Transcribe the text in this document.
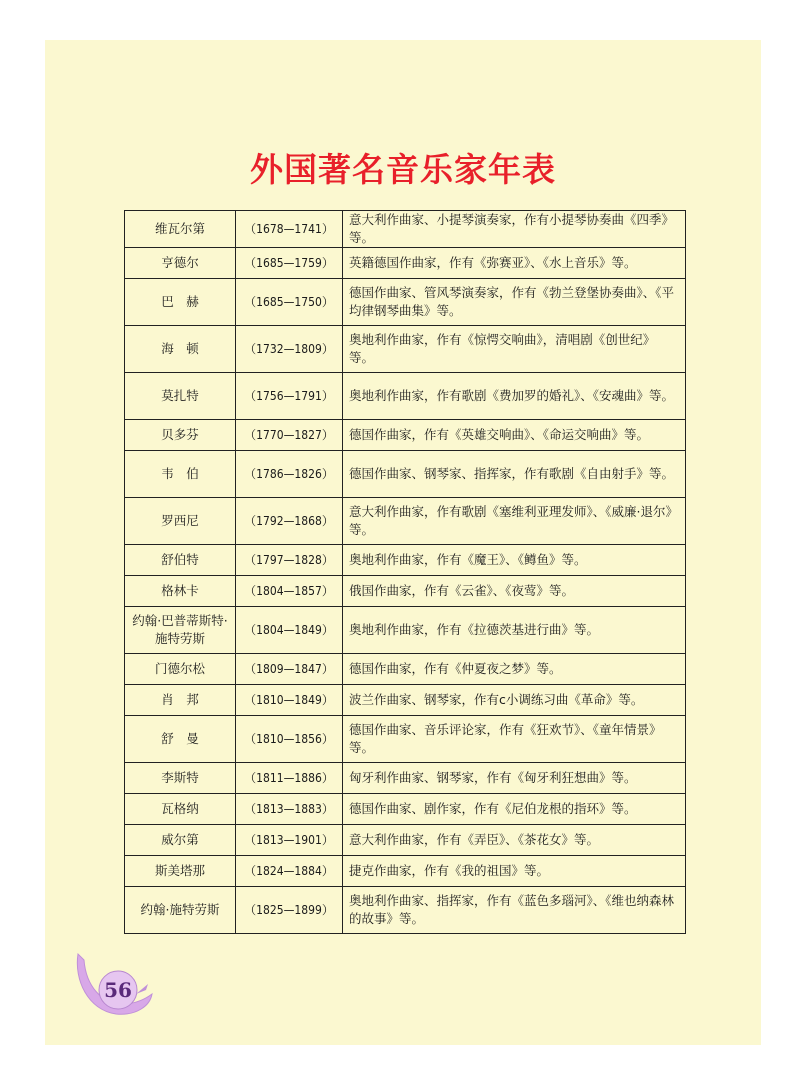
外国著名音乐家年表
维瓦尔第	（1678—1741）	意大利作曲家、小提琴演奏家，作有小提琴协奏曲《四季》等。
亨德尔	（1685—1759）	英籍德国作曲家，作有《弥赛亚》、《水上音乐》等。
巴　赫	（1685—1750）	德国作曲家、管风琴演奏家，作有《勃兰登堡协奏曲》、《平均律钢琴曲集》等。
海　顿	（1732—1809）	奥地利作曲家，作有《惊愕交响曲》，清唱剧《创世纪》等。
莫扎特	（1756—1791）	奥地利作曲家，作有歌剧《费加罗的婚礼》、《安魂曲》等。
贝多芬	（1770—1827）	德国作曲家，作有《英雄交响曲》、《命运交响曲》等。
韦　伯	（1786—1826）	德国作曲家、钢琴家、指挥家，作有歌剧《自由射手》等。
罗西尼	（1792—1868）	意大利作曲家，作有歌剧《塞维利亚理发师》、《威廉·退尔》等。
舒伯特	（1797—1828）	奥地利作曲家，作有《魔王》、《鳟鱼》等。
格林卡	（1804—1857）	俄国作曲家，作有《云雀》、《夜莺》等。
约翰·巴普蒂斯特·施特劳斯	（1804—1849）	奥地利作曲家，作有《拉德茨基进行曲》等。
门德尔松	（1809—1847）	德国作曲家，作有《仲夏夜之梦》等。
肖　邦	（1810—1849）	波兰作曲家、钢琴家，作有c小调练习曲《革命》等。
舒　曼	（1810—1856）	德国作曲家、音乐评论家，作有《狂欢节》、《童年情景》等。
李斯特	（1811—1886）	匈牙利作曲家、钢琴家，作有《匈牙利狂想曲》等。
瓦格纳	（1813—1883）	德国作曲家、剧作家，作有《尼伯龙根的指环》等。
威尔第	（1813—1901）	意大利作曲家，作有《弄臣》、《茶花女》等。
斯美塔那	（1824—1884）	捷克作曲家，作有《我的祖国》等。
约翰·施特劳斯	（1825—1899）	奥地利作曲家、指挥家，作有《蓝色多瑙河》、《维也纳森林的故事》等。
56
